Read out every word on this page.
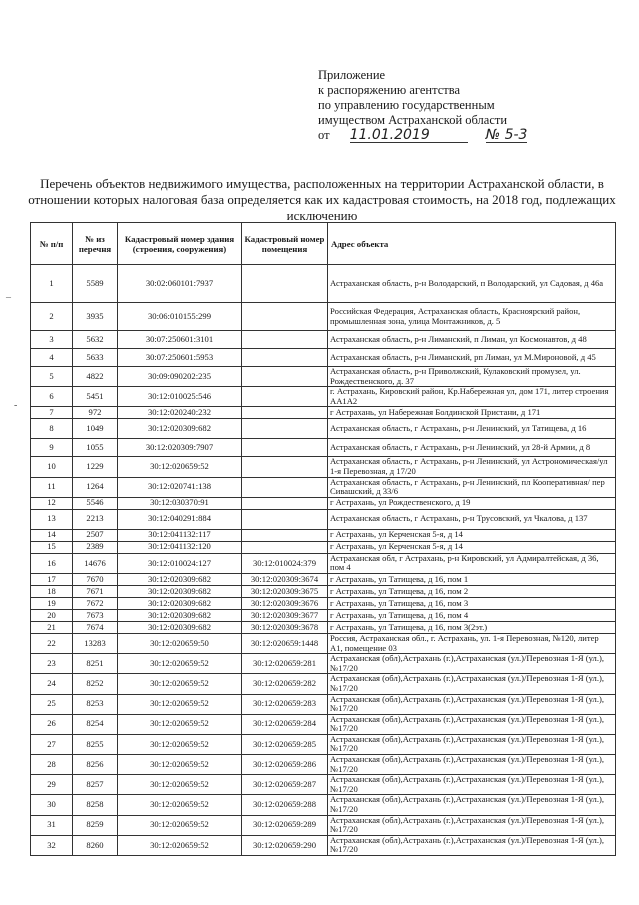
Приложение
к распоряжению агентства
по управлению государственным
имуществом Астраханской области
от 11.01.2019	№ 5-3
Перечень объектов недвижимого имущества, расположенных на территории Астраханской области, в отношении которых налоговая база определяется как их кадастровая стоимость, на 2018 год, подлежащих исключению
№ п/п	№ из перечня	Кадастровый номер здания (строения, сооружения)	Кадастровый номер помещения	Адрес объекта
1	5589	30:02:060101:7937		Астраханская область, р-н Володарский, п Володарский, ул Садовая, д 46а
2	3935	30:06:010155:299		Российская Федерация, Астраханская область, Красноярский район, промышленная зона, улица Монтажников, д. 5
3	5632	30:07:250601:3101		Астраханская область, р-н Лиманский, п Лиман, ул Космонавтов, д 48
4	5633	30:07:250601:5953		Астраханская область, р-н Лиманский, рп Лиман, ул М.Мироновой, д 45
5	4822	30:09:090202:235		Астраханская область, р-н Приволжский, Кулаковский промузел, ул. Рождественского, д. 37
6	5451	30:12:010025:546		г. Астрахань, Кировский район, Кр.Набережная ул, дом 171, литер строения АА1А2
7	972	30:12:020240:232		г Астрахань, ул Набережная Болдинской Пристани, д 171
8	1049	30:12:020309:682		Астраханская область, г Астрахань, р-н Ленинский, ул Татищева, д 16
9	1055	30:12:020309:7907		Астраханская область, г Астрахань, р-н Ленинский, ул 28-й Армии, д 8
10	1229	30:12:020659:52		Астраханская область, г Астрахань, р-н Ленинский, ул Астрономическая/ул 1-я Перевозная, д 17/20
11	1264	30:12:020741:138		Астраханская область, г Астрахань, р-н Ленинский, пл Кооперативная/ пер Сивашский, д 33/6
12	5546	30:12:030370:91		г Астрахань, ул Рождественского, д 19
13	2213	30:12:040291:884		Астраханская область, г Астрахань, р-н Трусовский, ул Чкалова, д 137
14	2507	30:12:041132:117		г Астрахань, ул Керченская 5-я, д 14
15	2389	30:12:041132:120		г Астрахань, ул Керченская 5-я, д 14
16	14676	30:12:010024:127	30:12:010024:379	Астраханская обл, г Астрахань, р-н Кировский, ул Адмиралтейская, д 36, пом 4
17	7670	30:12:020309:682	30:12:020309:3674	г Астрахань, ул Татищева, д 16, пом 1
18	7671	30:12:020309:682	30:12:020309:3675	г Астрахань, ул Татищева, д 16, пом 2
19	7672	30:12:020309:682	30:12:020309:3676	г Астрахань, ул Татищева, д 16, пом 3
20	7673	30:12:020309:682	30:12:020309:3677	г Астрахань, ул Татищева, д 16, пом 4
21	7674	30:12:020309:682	30:12:020309:3678	г Астрахань, ул Татищева, д 16, пом 3(2эт.)
22	13283	30:12:020659:50	30:12:020659:1448	Россия, Астраханская обл., г. Астрахань, ул. 1-я Перевозная, №120, литер А1, помещение 03
23	8251	30:12:020659:52	30:12:020659:281	Астраханская (обл),Астрахань (г.),Астраханская (ул.)/Перевозная 1-Я (ул.),№17/20
24	8252	30:12:020659:52	30:12:020659:282	Астраханская (обл),Астрахань (г.),Астраханская (ул.)/Перевозная 1-Я (ул.),№17/20
25	8253	30:12:020659:52	30:12:020659:283	Астраханская (обл),Астрахань (г.),Астраханская (ул.)/Перевозная 1-Я (ул.),№17/20
26	8254	30:12:020659:52	30:12:020659:284	Астраханская (обл),Астрахань (г.),Астраханская (ул.)/Перевозная 1-Я (ул.),№17/20
27	8255	30:12:020659:52	30:12:020659:285	Астраханская (обл),Астрахань (г.),Астраханская (ул.)/Перевозная 1-Я (ул.),№17/20
28	8256	30:12:020659:52	30:12:020659:286	Астраханская (обл),Астрахань (г.),Астраханская (ул.)/Перевозная 1-Я (ул.),№17/20
29	8257	30:12:020659:52	30:12:020659:287	Астраханская (обл),Астрахань (г.),Астраханская (ул.)/Перевозная 1-Я (ул.),№17/20
30	8258	30:12:020659:52	30:12:020659:288	Астраханская (обл),Астрахань (г.),Астраханская (ул.)/Перевозная 1-Я (ул.),№17/20
31	8259	30:12:020659:52	30:12:020659:289	Астраханская (обл),Астрахань (г.),Астраханская (ул.)/Перевозная 1-Я (ул.),№17/20
32	8260	30:12:020659:52	30:12:020659:290	Астраханская (обл),Астрахань (г.),Астраханская (ул.)/Перевозная 1-Я (ул.),№17/20
–
-
